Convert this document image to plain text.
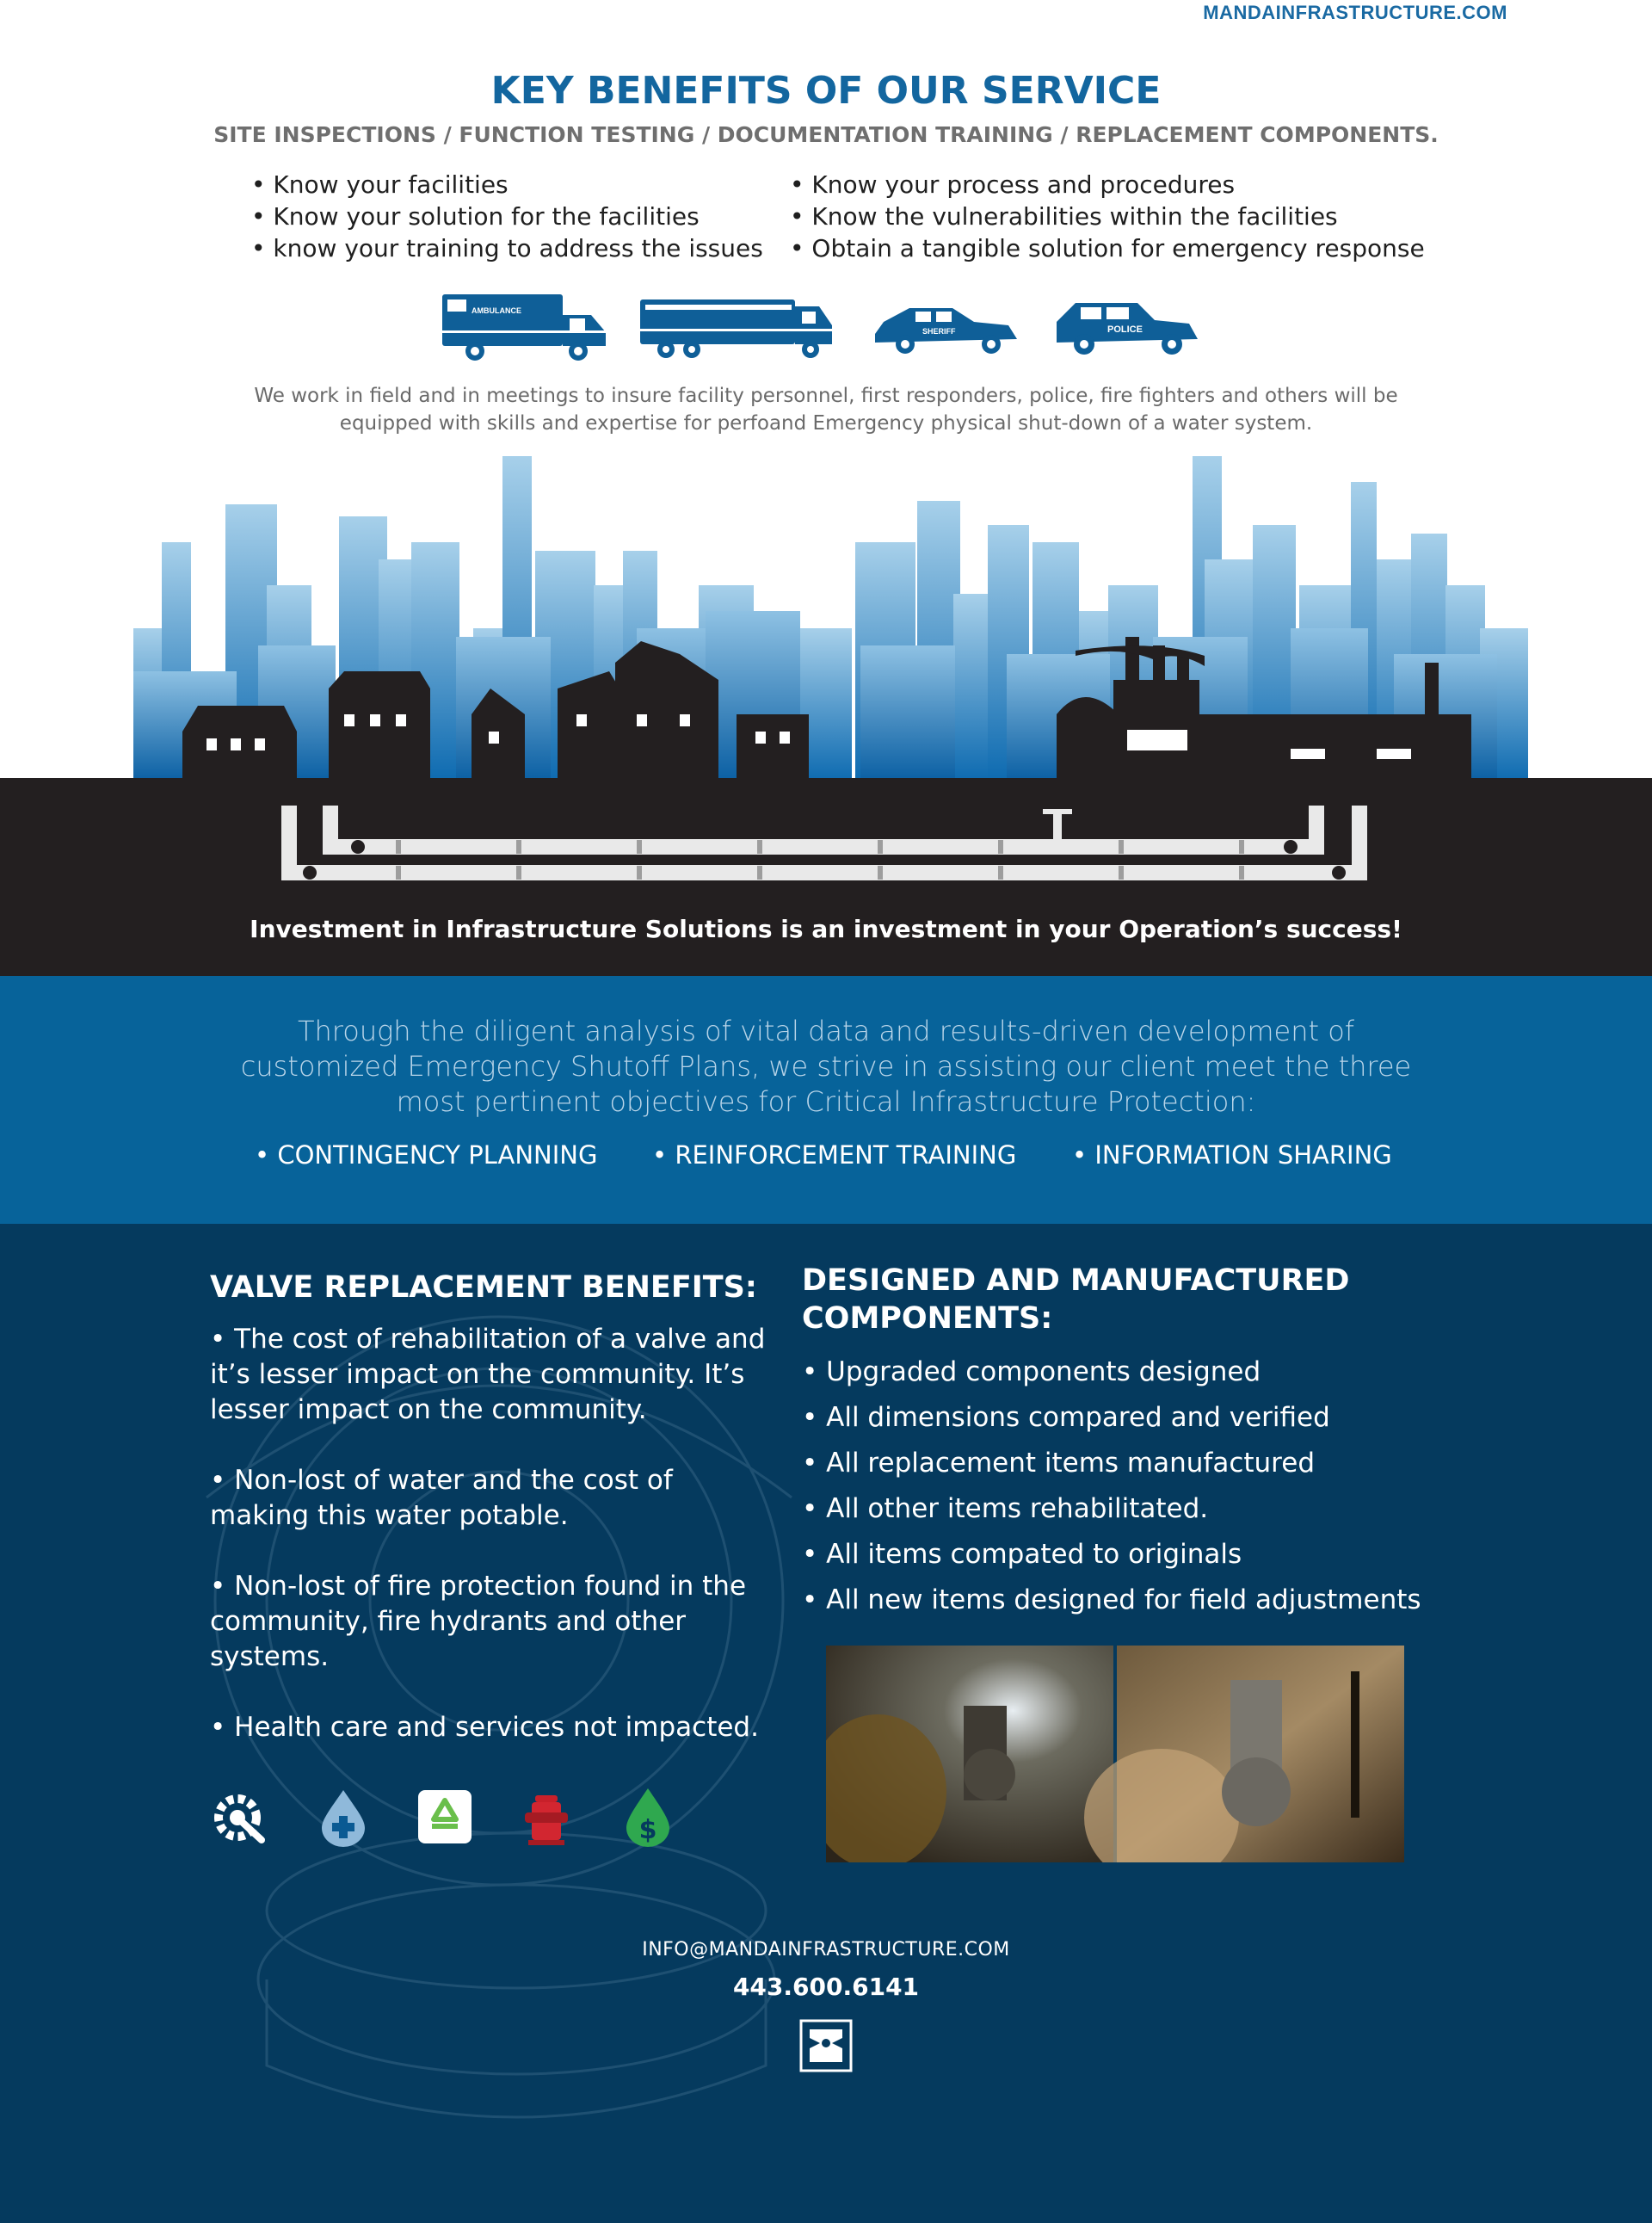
MANDAINFRASTRUCTURE.COM
KEY BENEFITS OF OUR SERVICE
SITE INSPECTIONS / FUNCTION TESTING / DOCUMENTATION TRAINING / REPLACEMENT COMPONENTS.
• Know your facilities
• Know your solution for the facilities
• know your training to address the issues
• Know your process and procedures
• Know the vulnerabilities within the facilities
• Obtain a tangible solution for emergency response
AMBULANCE
SHERIFF	POLICE
We work in field and in meetings to insure facility personnel, first responders, police, fire fighters and others will be equipped with skills and expertise for perfoand Emergency physical shut-down of a water system.
Investment in Infrastructure Solutions is an investment in your Operation’s success!
Through the diligent analysis of vital data and results-driven development of customized Emergency Shutoff Plans, we strive in assisting our client meet the three most pertinent objectives for Critical Infrastructure Protection:
• CONTINGENCY PLANNING	• REINFORCEMENT TRAINING	• INFORMATION SHARING
VALVE REPLACEMENT BENEFITS:
• The cost of rehabilitation of a valve and it’s lesser impact on the community. It’s lesser impact on the community.
• Non-lost of water and the cost of making this water potable.
• Non-lost of fire protection found in the community, fire hydrants and other systems.
• Health care and services not impacted.
DESIGNED AND MANUFACTURED COMPONENTS:
• Upgraded components designed
• All dimensions compared and verified
• All replacement items manufactured
• All other items rehabilitated.
• All items compated to originals
• All new items designed for field adjustments
$
INFO@MANDAINFRASTRUCTURE.COM
443.600.6141
